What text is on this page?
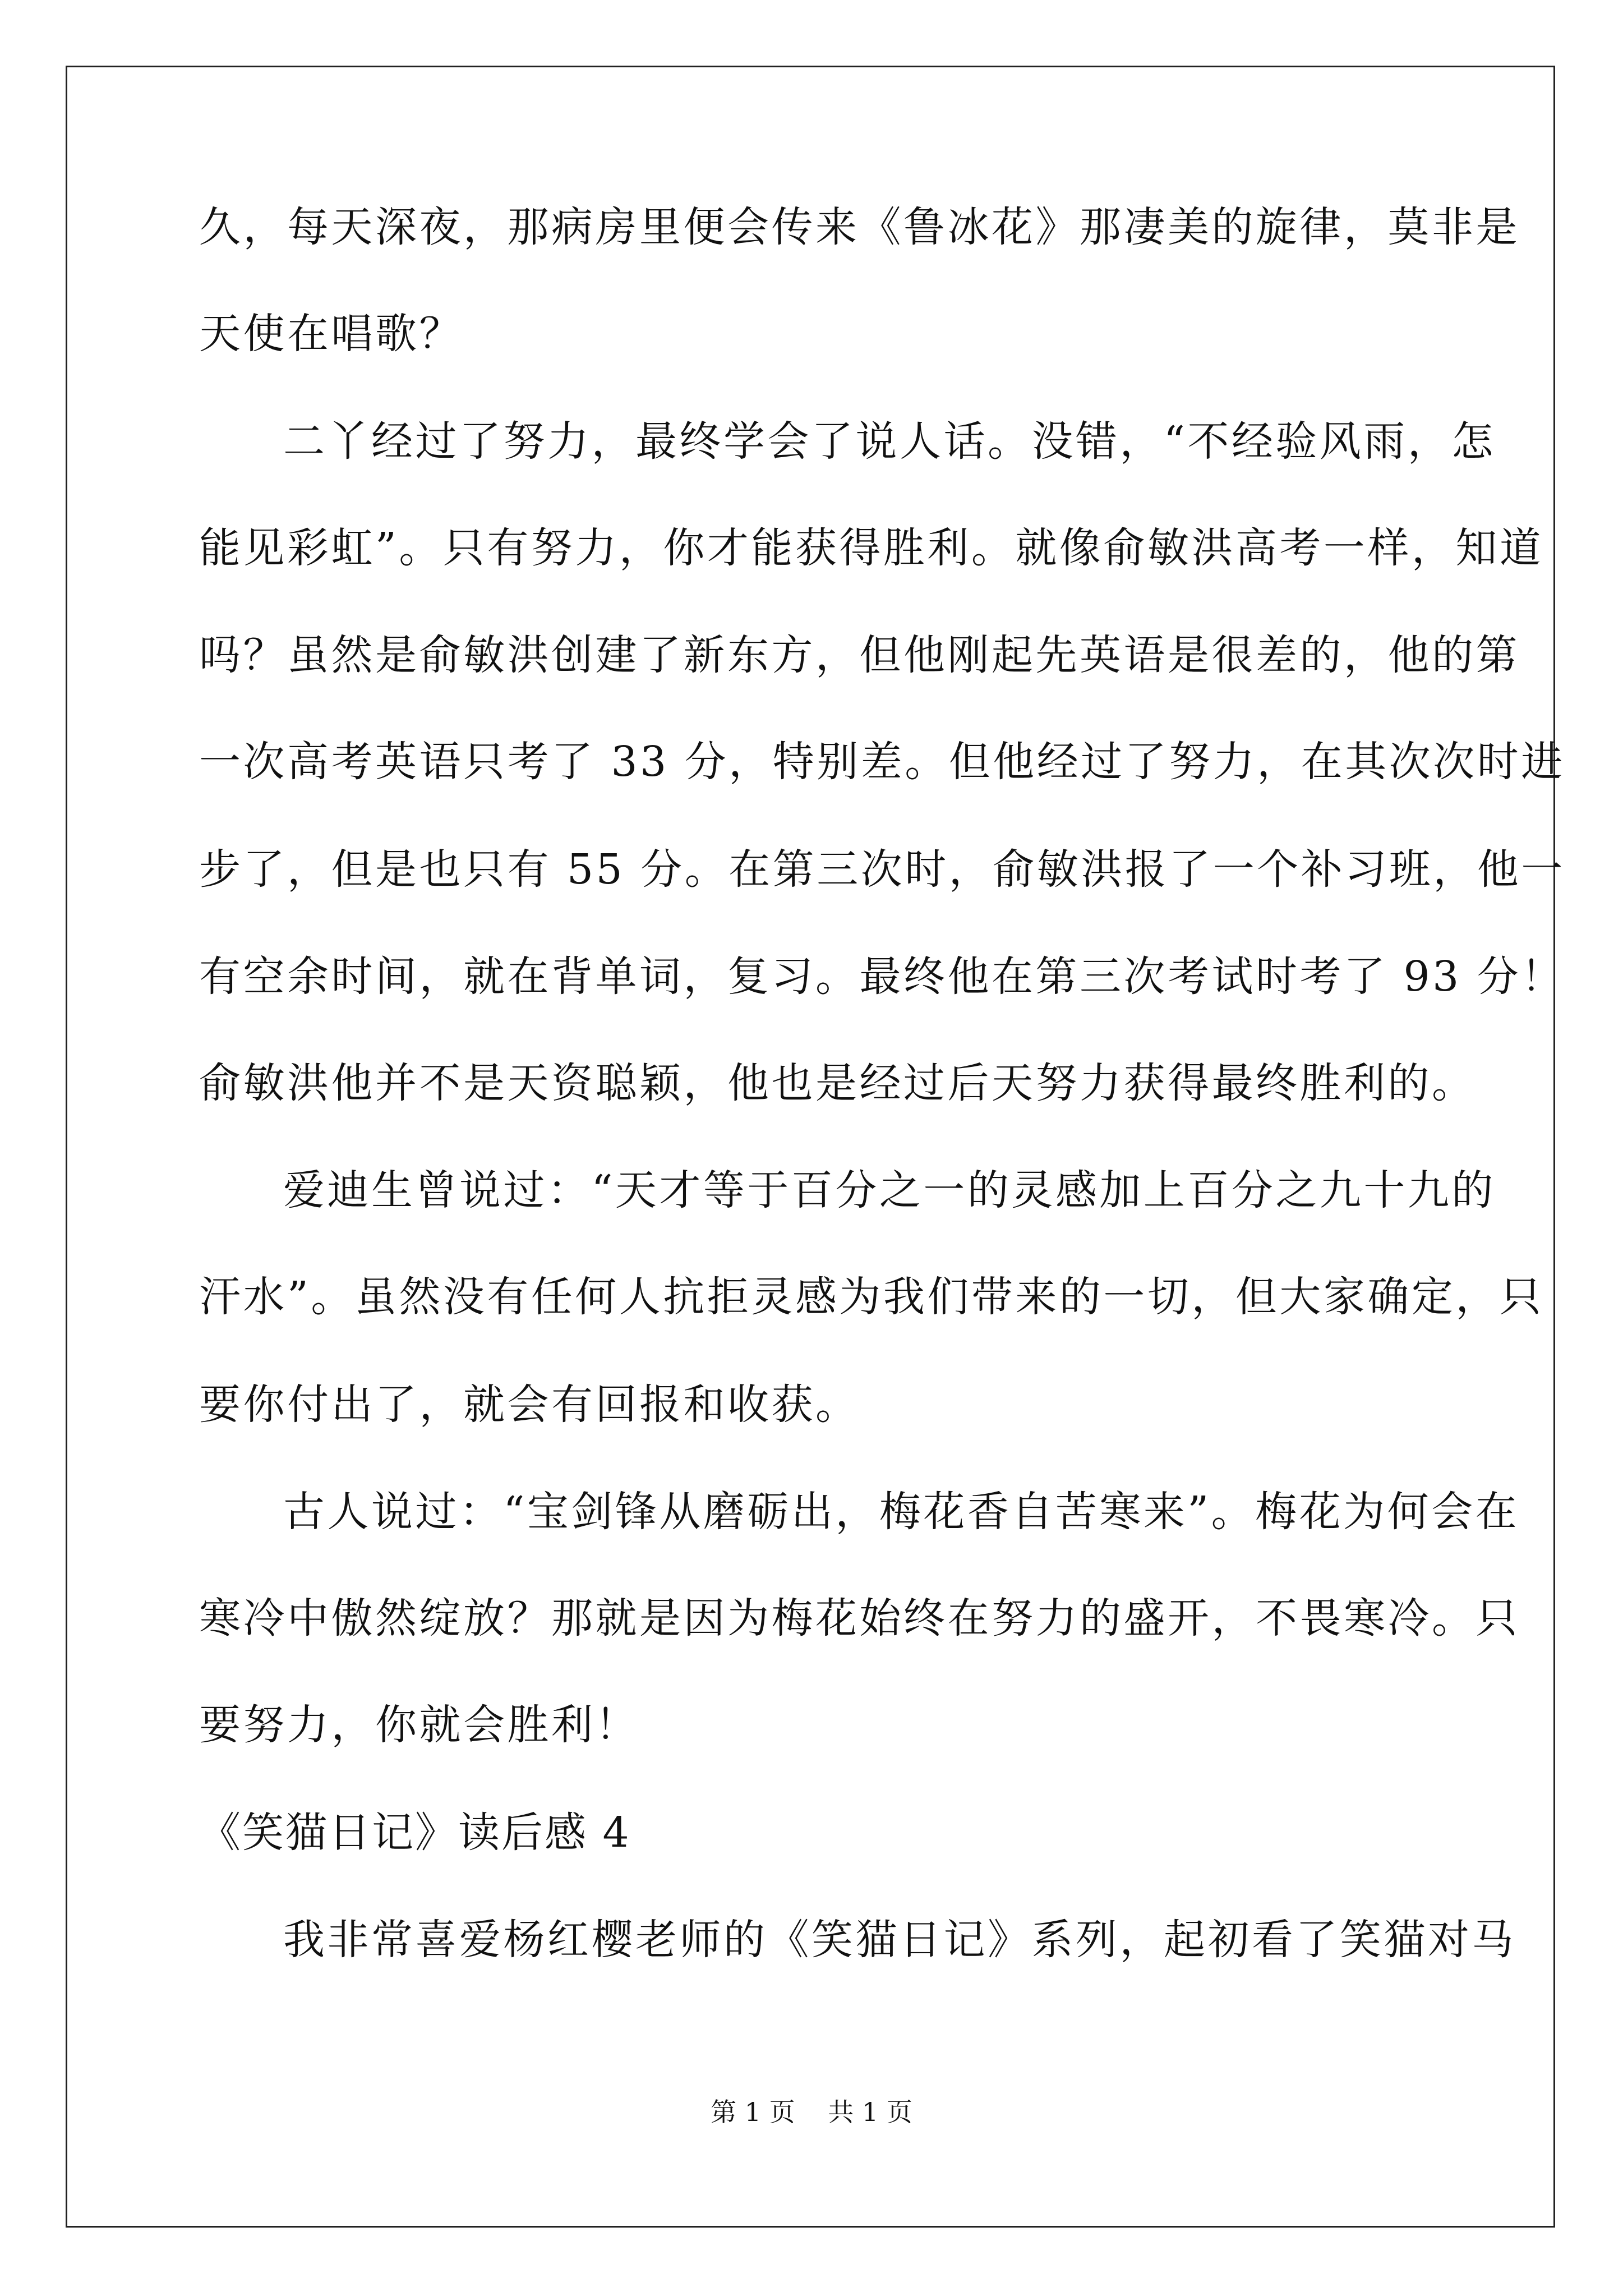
久，每天深夜，那病房里便会传来《鲁冰花》那凄美的旋律，莫非是
天使在唱歌？
二丫经过了努力，最终学会了说人话。没错，“不经验风雨，怎
能见彩虹”。只有努力，你才能获得胜利。就像俞敏洪高考一样，知道
吗？虽然是俞敏洪创建了新东方，但他刚起先英语是很差的，他的第
一次高考英语只考了 33 分，特别差。但他经过了努力，在其次次时进
步了，但是也只有 55 分。在第三次时，俞敏洪报了一个补习班，他一
有空余时间，就在背单词，复习。最终他在第三次考试时考了 93 分！
俞敏洪他并不是天资聪颖，他也是经过后天努力获得最终胜利的。
爱迪生曾说过：“天才等于百分之一的灵感加上百分之九十九的
汗水”。虽然没有任何人抗拒灵感为我们带来的一切，但大家确定，只
要你付出了，就会有回报和收获。
古人说过：“宝剑锋从磨砺出，梅花香自苦寒来”。梅花为何会在
寒冷中傲然绽放？那就是因为梅花始终在努力的盛开，不畏寒冷。只
要努力，你就会胜利！
《笑猫日记》读后感 4
我非常喜爱杨红樱老师的《笑猫日记》系列，起初看了笑猫对马
第 1 页 共 1 页
